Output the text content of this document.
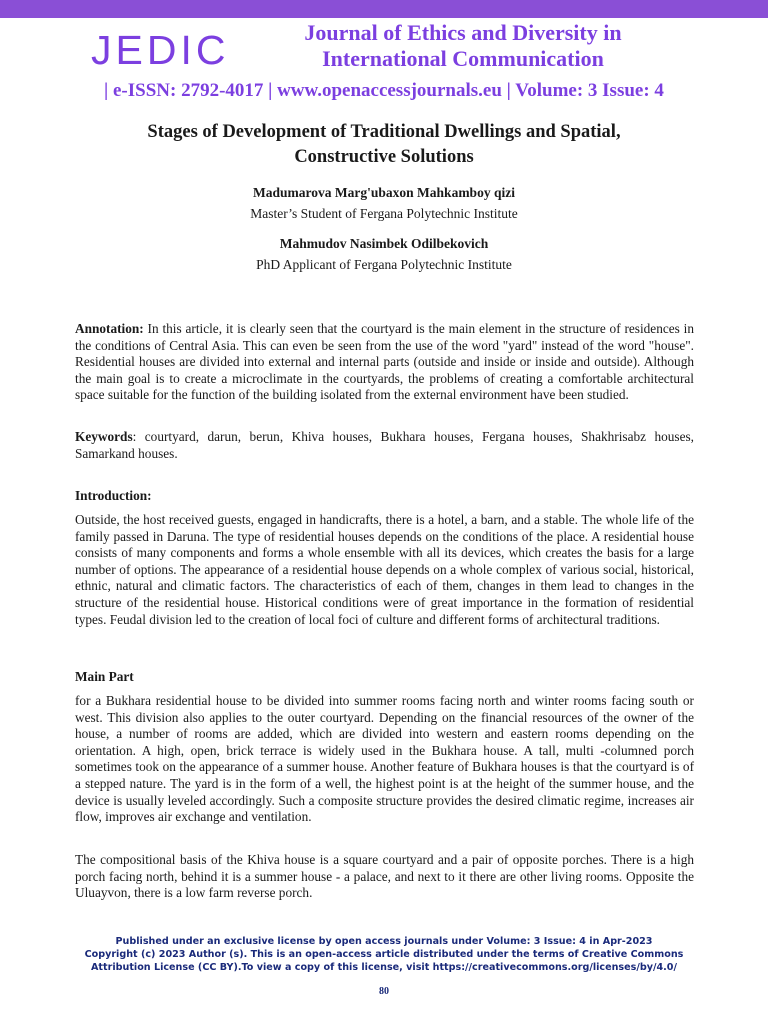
JEDIC	Journal of Ethics and Diversity in
International Communication
| e-ISSN: 2792-4017 | www.openaccessjournals.eu | Volume: 3 Issue: 4
Stages of Development of Traditional Dwellings and Spatial,
Constructive Solutions
Madumarova Marg'ubaxon Mahkamboy qizi
Master’s Student of Fergana Polytechnic Institute
Mahmudov Nasimbek Odilbekovich
PhD Applicant of Fergana Polytechnic Institute

Annotation: In this article, it is clearly seen that the courtyard is the main element in the structure of residences in the conditions of Central Asia. This can even be seen from the use of the word "yard" instead of the word "house". Residential houses are divided into external and internal parts (outside and inside or inside and outside). Although the main goal is to create a microclimate in the courtyards, the problems of creating a comfortable architectural space suitable for the function of the building isolated from the external environment have been studied.

Keywords: courtyard, darun, berun, Khiva houses, Bukhara houses, Fergana houses, Shakhrisabz houses, Samarkand houses.

Introduction:

Outside, the host received guests, engaged in handicrafts, there is a hotel, a barn, and a stable. The whole life of the family passed in Daruna. The type of residential houses depends on the conditions of the place. A residential house consists of many components and forms a whole ensemble with all its devices, which creates the basis for a large number of options. The appearance of a residential house depends on a whole complex of various social, historical, ethnic, natural and climatic factors. The characteristics of each of them, changes in them lead to changes in the structure of the residential house. Historical conditions were of great importance in the formation of residential types. Feudal division led to the creation of local foci of culture and different forms of architectural traditions.

Main Part

for a Bukhara residential house to be divided into summer rooms facing north and winter rooms facing south or west. This division also applies to the outer courtyard. Depending on the financial resources of the owner of the house, a number of rooms are added, which are divided into western and eastern rooms depending on the orientation. A high, open, brick terrace is widely used in the Bukhara house. A tall, multi -columned porch sometimes took on the appearance of a summer house. Another feature of Bukhara houses is that the courtyard is of a stepped nature. The yard is in the form of a well, the highest point is at the height of the summer house, and the device is usually leveled accordingly. Such a composite structure provides the desired climatic regime, increases air flow, improves air exchange and ventilation.

The compositional basis of the Khiva house is a square courtyard and a pair of opposite porches. There is a high porch facing north, behind it is a summer house - a palace, and next to it there are other living rooms. Opposite the Uluayvon, there is a low farm reverse porch.

Published under an exclusive license by open access journals under Volume: 3 Issue: 4 in Apr-2023
Copyright (c) 2023 Author (s). This is an open-access article distributed under the terms of Creative Commons
Attribution License (CC BY).To view a copy of this license, visit https://creativecommons.org/licenses/by/4.0/
80
